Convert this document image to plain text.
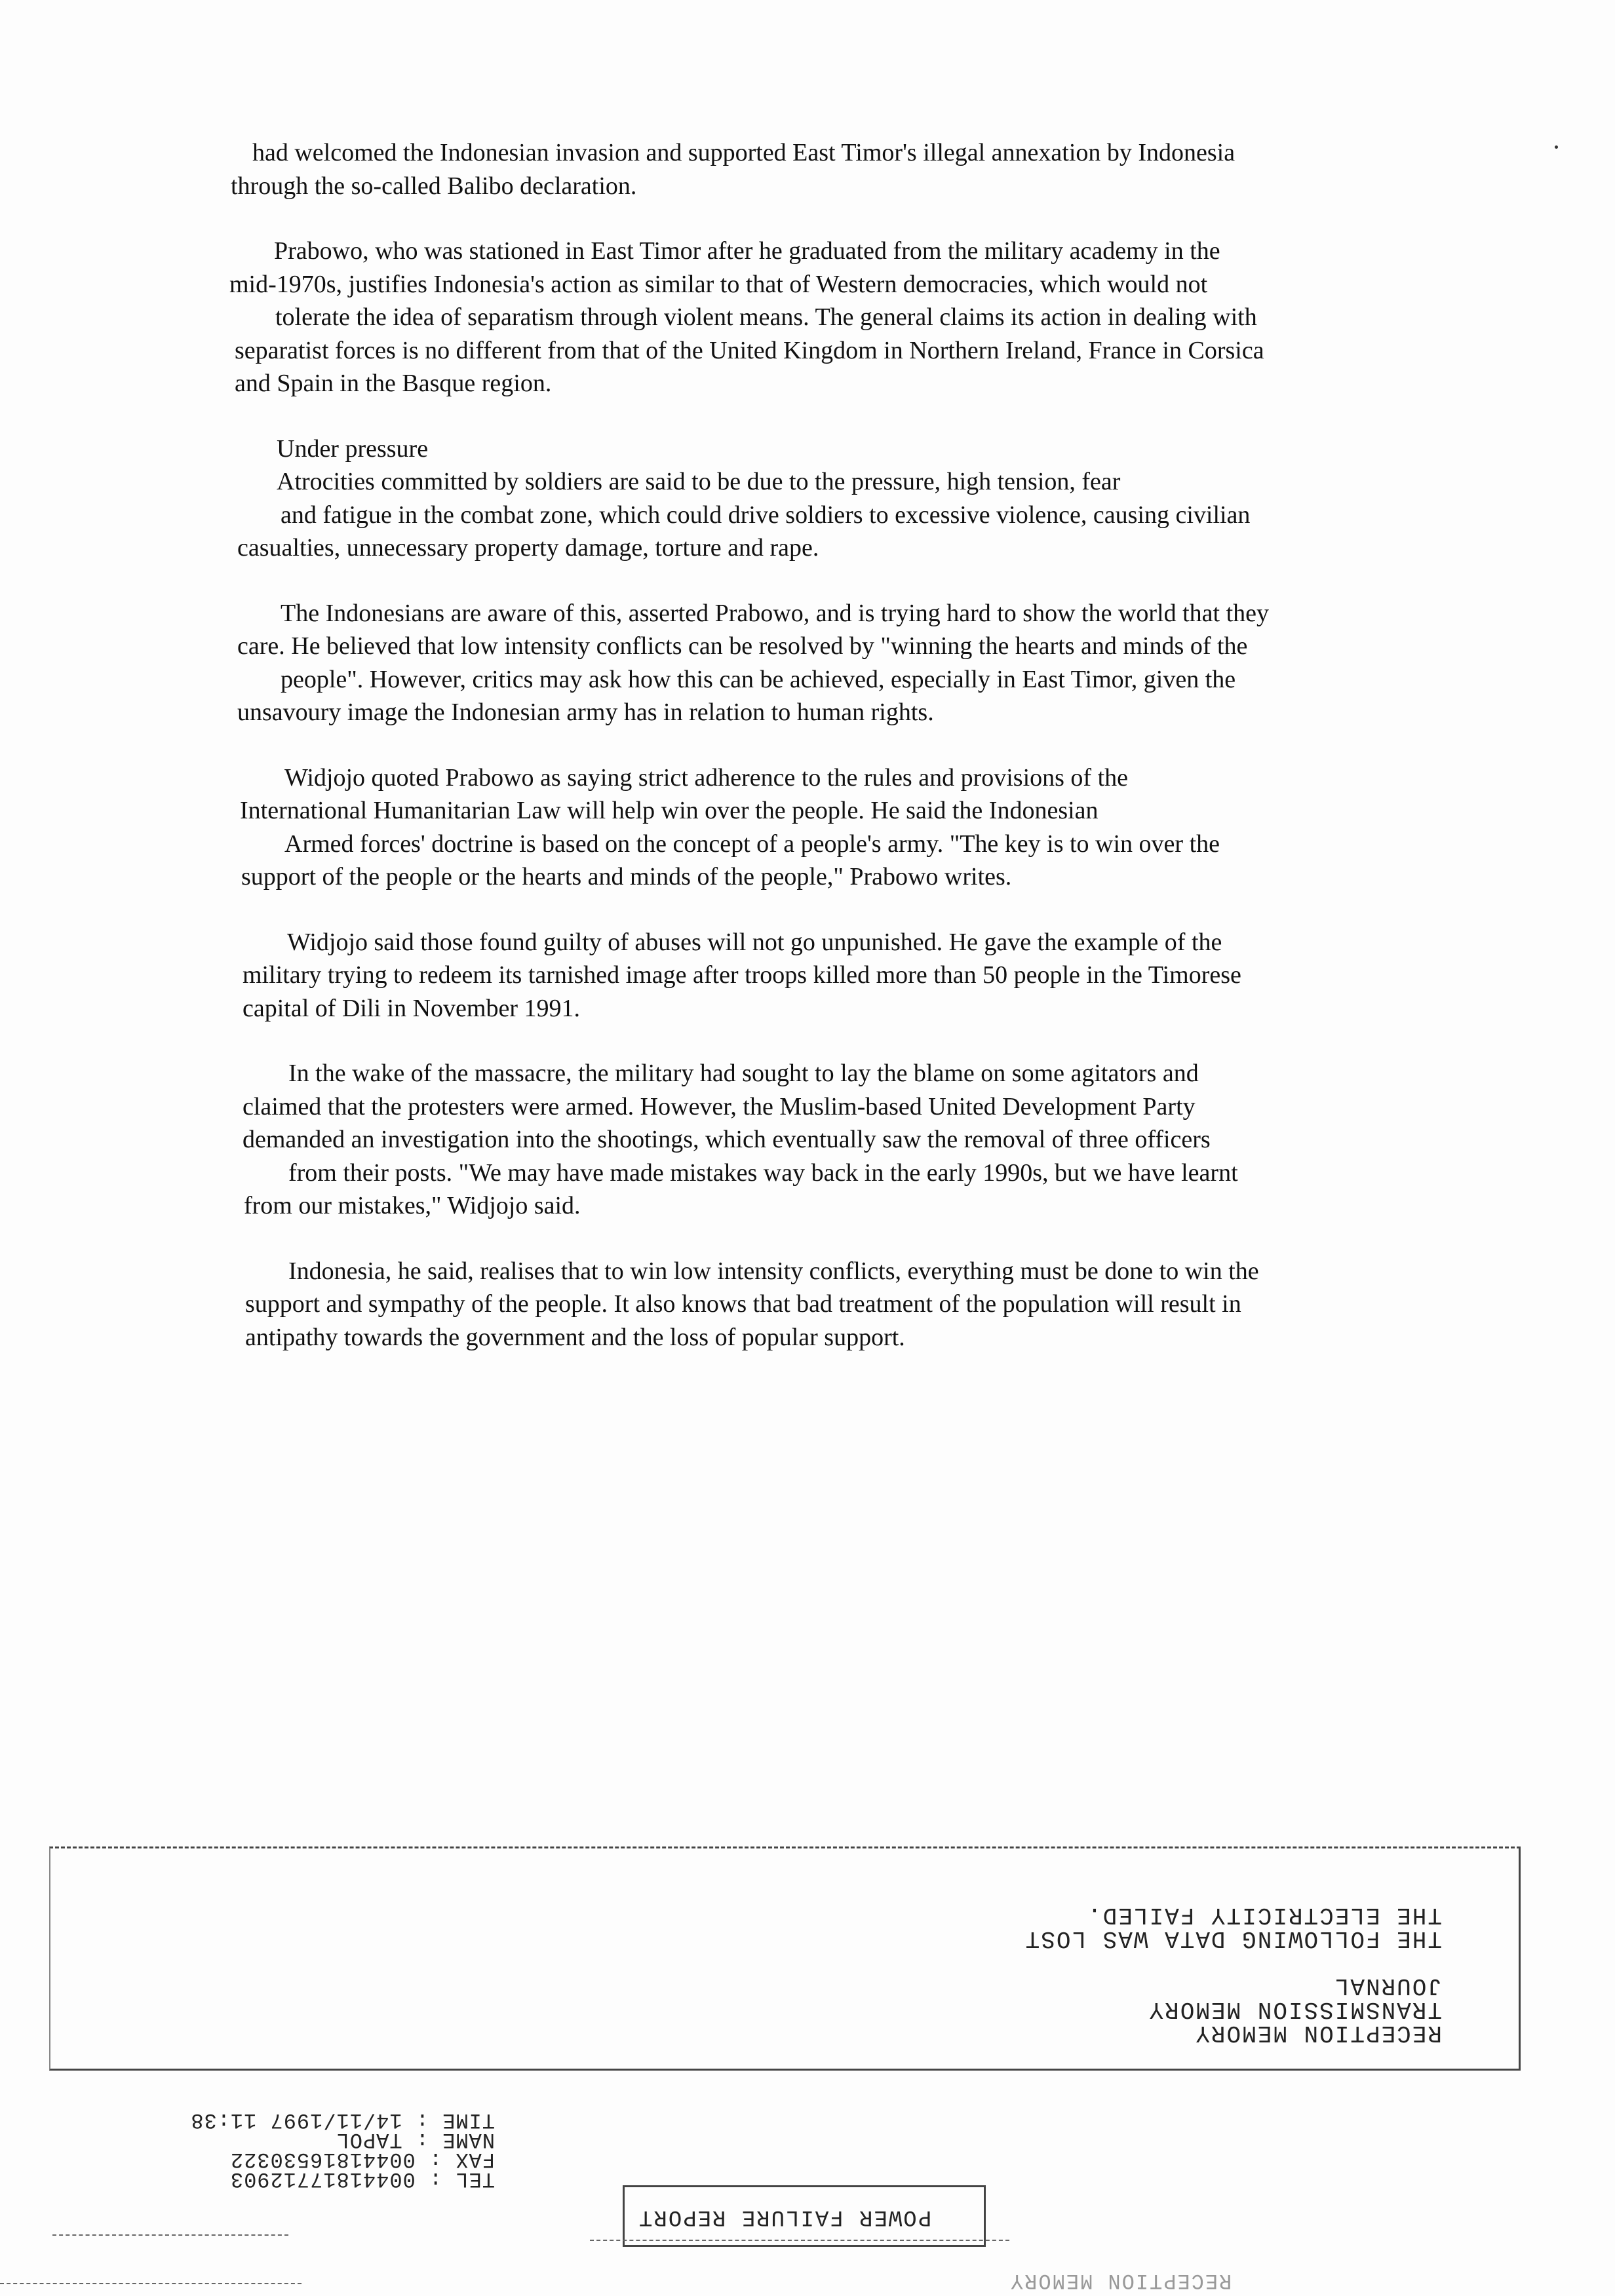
had welcomed the Indonesian invasion and supported East Timor's illegal annexation by Indonesia
through the so-called Balibo declaration.

Prabowo, who was stationed in East Timor after he graduated from the military academy in the
mid-1970s, justifies Indonesia's action as similar to that of Western democracies, which would not
tolerate the idea of separatism through violent means. The general claims its action in dealing with
separatist forces is no different from that of the United Kingdom in Northern Ireland, France in Corsica
and Spain in the Basque region.

Under pressure
Atrocities committed by soldiers are said to be due to the pressure, high tension, fear
and fatigue in the combat zone, which could drive soldiers to excessive violence, causing civilian
casualties, unnecessary property damage, torture and rape.

The Indonesians are aware of this, asserted Prabowo, and is trying hard to show the world that they
care. He believed that low intensity conflicts can be resolved by "winning the hearts and minds of the
people". However, critics may ask how this can be achieved, especially in East Timor, given the
unsavoury image the Indonesian army has in relation to human rights.

Widjojo quoted Prabowo as saying strict adherence to the rules and provisions of the
International Humanitarian Law will help win over the people. He said the Indonesian
Armed forces' doctrine is based on the concept of a people's army. "The key is to win over the
support of the people or the hearts and minds of the people," Prabowo writes.

Widjojo said those found guilty of abuses will not go unpunished. He gave the example of the
military trying to redeem its tarnished image after troops killed more than 50 people in the Timorese
capital of Dili in November 1991.

In the wake of the massacre, the military had sought to lay the blame on some agitators and
claimed that the protesters were armed. However, the Muslim-based United Development Party
demanded an investigation into the shootings, which eventually saw the removal of three officers
from their posts. "We may have made mistakes way back in the early 1990s, but we have learnt
from our mistakes," Widjojo said.

Indonesia, he said, realises that to win low intensity conflicts, everything must be done to win the
support and sympathy of the people. It also knows that bad treatment of the population will result in
antipathy towards the government and the loss of popular support.

RECEPTION MEMORY
TRANSMISSION MEMORY
JOURNAL

THE FOLLOWING DATA WAS LOST
THE ELECTRICITY FAILED.
TEL : 00441817712903
FAX : 00441816530322
NAME : TAPOL
TIME : 14/11/1997 11:38
POWER FAILURE REPORT
RECEPTION MEMORY
